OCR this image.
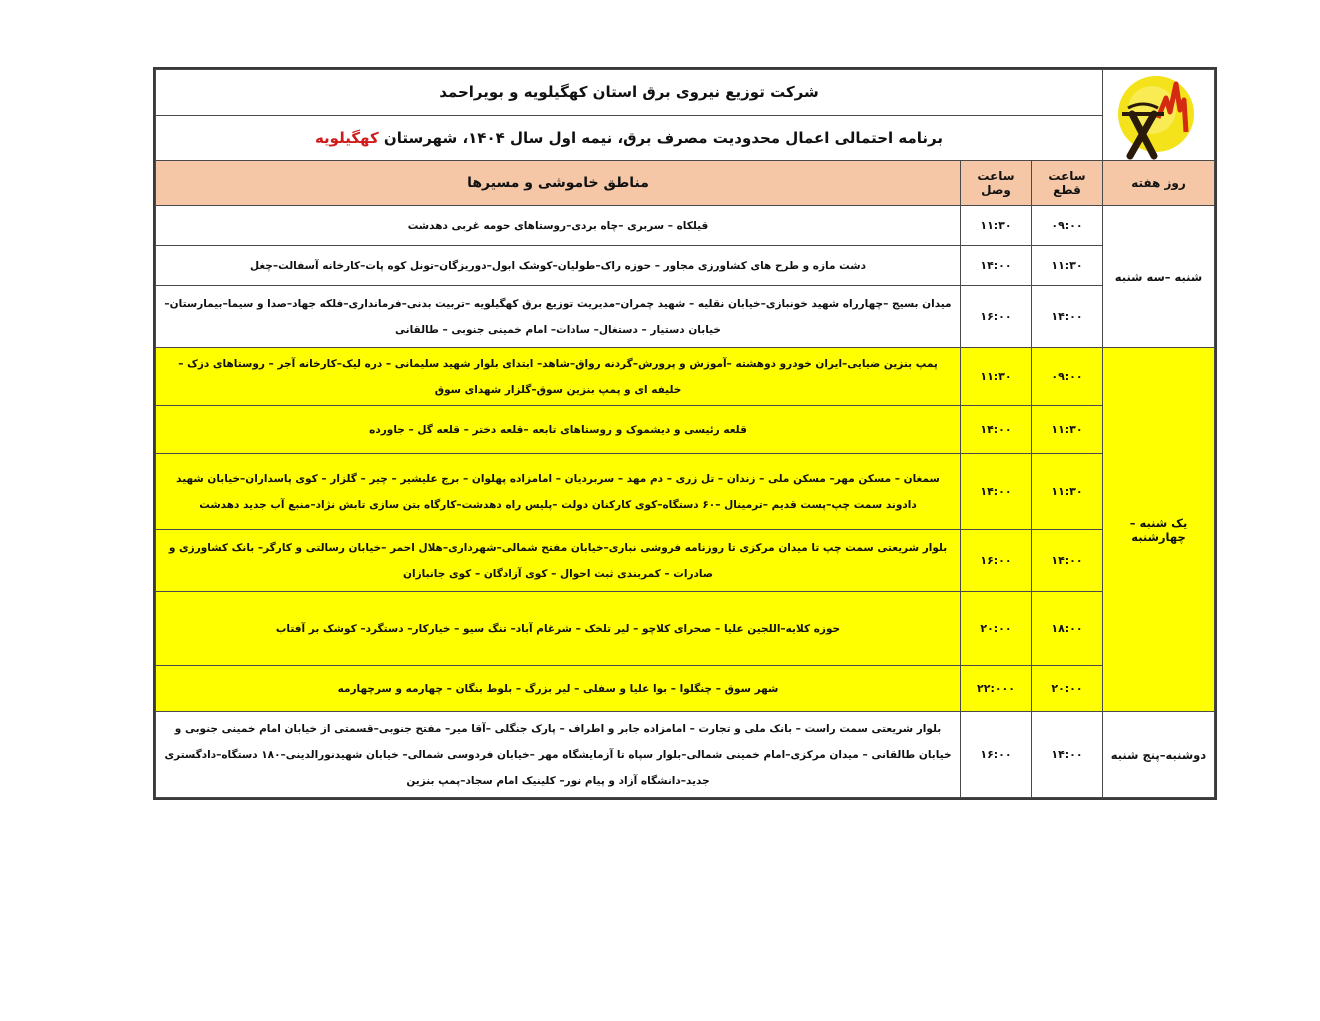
	شرکت توزیع نیروی برق استان کهگیلویه و بویراحمد		
	برنامه احتمالی اعمال محدودیت مصرف برق، نیمه اول سال ۱۴۰۴، شهرستان کهگیلویه		
روز هفته	ساعت قطع	ساعت وصل	مناطق خاموشی و مسیرها
شنبه –سه شنبه	۰۹:۰۰	۱۱:۳۰	قیلکاه – سربری –چاه بردی–روستاهای حومه غربی دهدشت
	۱۱:۳۰	۱۴:۰۰	دشت مازه و طرح های کشاورزی مجاور – حوزه راک–طولیان–کوشک ابول–دوریزگان–تونل کوه پات–کارخانه آسفالت–چغل
	۱۴:۰۰	۱۶:۰۰	میدان بسیج –چهارراه شهید خونبازی–خیابان نقلیه – شهید چمران–مدیریت توزیع برق کهگیلویه –تربیت بدنی–فرمانداری–فلکه جهاد–صدا و سیما–بیمارستان–خیابان دستیار – دستغال– سادات– امام خمینی جنوبی – طالقانی
یک شنبه –چهارشنبه	۰۹:۰۰	۱۱:۳۰	پمپ بنزین ضیایی–ایران خودرو دوهشته –آموزش و پرورش–گردنه رواق–شاهد– ابتدای بلوار شهید سلیمانی – دره لیک–کارخانه آجر – روستاهای دزک – خلیفه ای و پمپ بنزین سوق–گلزار شهدای سوق
	۱۱:۳۰	۱۴:۰۰	قلعه رئیسی و دیشموک و روستاهای تابعه –قلعه دختر – قلعه گل – جاورده
	۱۱:۳۰	۱۴:۰۰	سمغان – مسکن مهر– مسکن ملی – زندان – تل زری – دم مهد – سربردیان – امامزاده پهلوان – برج علیشیر – چیر – گلزار – کوی پاسداران–خیابان شهید دادوند سمت چپ–پست قدیم –ترمینال –۶۰ دستگاه–کوی کارکنان دولت –پلیس راه دهدشت–کارگاه بتن سازی تابش نژاد–منبع آب جدید دهدشت
	۱۴:۰۰	۱۶:۰۰	بلوار شریعتی سمت چپ تا میدان مرکزی تا روزنامه فروشی نباری–خیابان مفتح شمالی–شهرداری–هلال احمر –خیابان رسالتی و کارگر– بانک کشاورزی و صادرات – کمربندی ثبت احوال – کوی آزادگان – کوی جانبازان
	۱۸:۰۰	۲۰:۰۰	حوزه کلایه–اللجین علیا – صحرای کلاچو – لیر تلخک – شرغام آباد– تنگ سیو – خیارکار– دستگرد– کوشک بر آفتاب
	۲۰:۰۰	۲۲:۰۰۰	شهر سوق – چنگلوا – بوا علیا و سفلی – لیر بزرگ – بلوط بنگان – چهارمه و سرچهارمه
دوشنبه–پنج شنبه	۱۴:۰۰	۱۶:۰۰	بلوار شریعتی سمت راست – بانک ملی و تجارت – امامزاده جابر و اطراف – پارک جنگلی –آقا میر– مفتح جنوبی–قسمتی از خیابان امام خمینی جنوبی و خیابان طالقانی – میدان مرکزی–امام خمینی شمالی–بلوار سپاه تا آزمایشگاه مهر –خیابان فردوسی شمالی– خیابان شهیدنورالدینی–۱۸۰ دستگاه–دادگستری جدید–دانشگاه آزاد و پیام نور– کلینیک امام سجاد–پمپ بنزین
